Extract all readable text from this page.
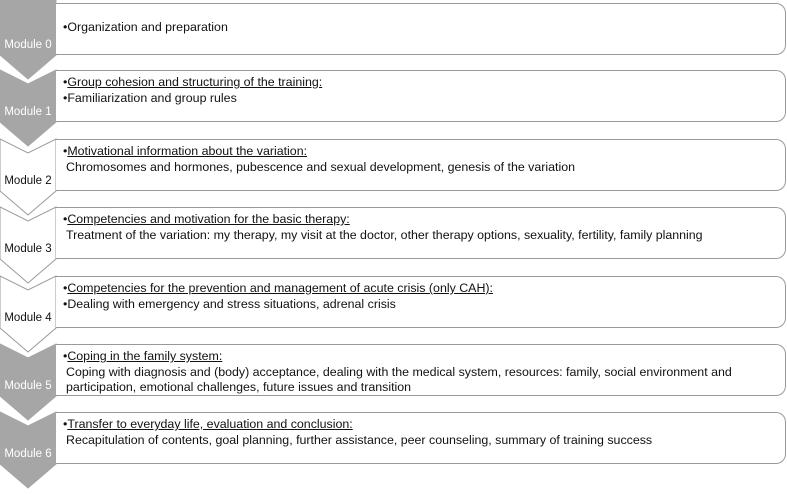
Module 0
•Organization and preparation
Module 1
•Group cohesion and structuring of the training:
•Familiarization and group rules
Module 2
•Motivational information about the variation:
Chromosomes and hormones, pubescence and sexual development, genesis of the variation
Module 3
•Competencies and motivation for the basic therapy:
Treatment of the variation: my therapy, my visit at the doctor, other therapy options, sexuality, fertility, family planning
Module 4
•Competencies for the prevention and management of acute crisis (only CAH):
•Dealing with emergency and stress situations, adrenal crisis
Module 5
•Coping in the family system:
Coping with diagnosis and (body) acceptance, dealing with the medical system, resources: family, social environment and
participation, emotional challenges, future issues and transition
Module 6
•Transfer to everyday life, evaluation and conclusion:
Recapitulation of contents, goal planning, further assistance, peer counseling, summary of training success
